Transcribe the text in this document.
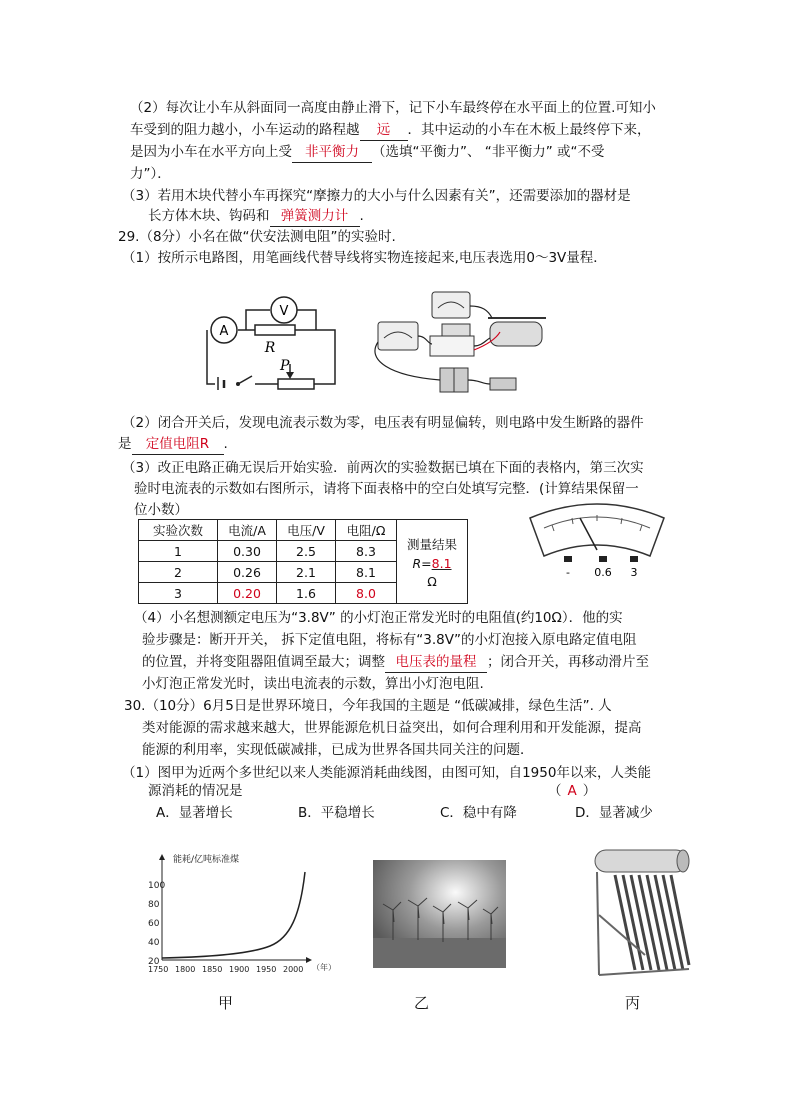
（2）每次让小车从斜面同一高度由静止滑下，记下小车最终停在水平面上的位置.可知小
车受到的阻力越小，小车运动的路程越 远 ．其中运动的小车在木板上最终停下来，
是因为小车在水平方向上受 非平衡力 （选填“平衡力”、 “非平衡力” 或“不受
力”）．
（3）若用木块代替小车再探究“摩擦力的大小与什么因素有关”，还需要添加的器材是
长方体木块、钩码和 弹簧测力计 .
29.（8分）小名在做“伏安法测电阻”的实验时.
（1）按所示电路图，用笔画线代替导线将实物连接起来,电压表选用0～3V量程．
A
V
R
P
（2）闭合开关后，发现电流表示数为零，电压表有明显偏转，则电路中发生断路的器件
是 定值电阻R .
（3）改正电路正确无误后开始实验．前两次的实验数据已填在下面的表格内，第三次实
验时电流表的示数如右图所示，请将下面表格中的空白处填写完整．(计算结果保留一
位小数）
实验次数	电流/A	电压/V	电阻/Ω	测量结果
R=8.1
Ω

1	0.30	2.5	8.3	
2	0.26	2.1	8.1	
3	0.20	1.6	8.0	
- 0.6 3
（4）小名想测额定电压为“3.8V” 的小灯泡正常发光时的电阻值(约10Ω）．他的实
验步骤是：断开开关， 拆下定值电阻，将标有“3.8V”的小灯泡接入原电路定值电阻
的位置，并将变阻器阻值调至最大；调整 电压表的量程 ；闭合开关，再移动滑片至
小灯泡正常发光时，读出电流表的示数，算出小灯泡电阻.
30.（10分）6月5日是世界环境日，今年我国的主题是 “低碳减排，绿色生活”. 人
类对能源的需求越来越大，世界能源危机日益突出，如何合理利用和开发能源，提高
能源的利用率，实现低碳减排，已成为世界各国共同关注的问题．
（1）图甲为近两个多世纪以来人类能源消耗曲线图，由图可知，自1950年以来，人类能
源消耗的情况是	（ A ）
A．显著增长	B．平稳增长	C．稳中有降	D．显著减少
能耗/亿吨标准煤
100
80
60
40
20
1750 1800 1850 1900 1950 2000 （年）
甲	乙	丙
